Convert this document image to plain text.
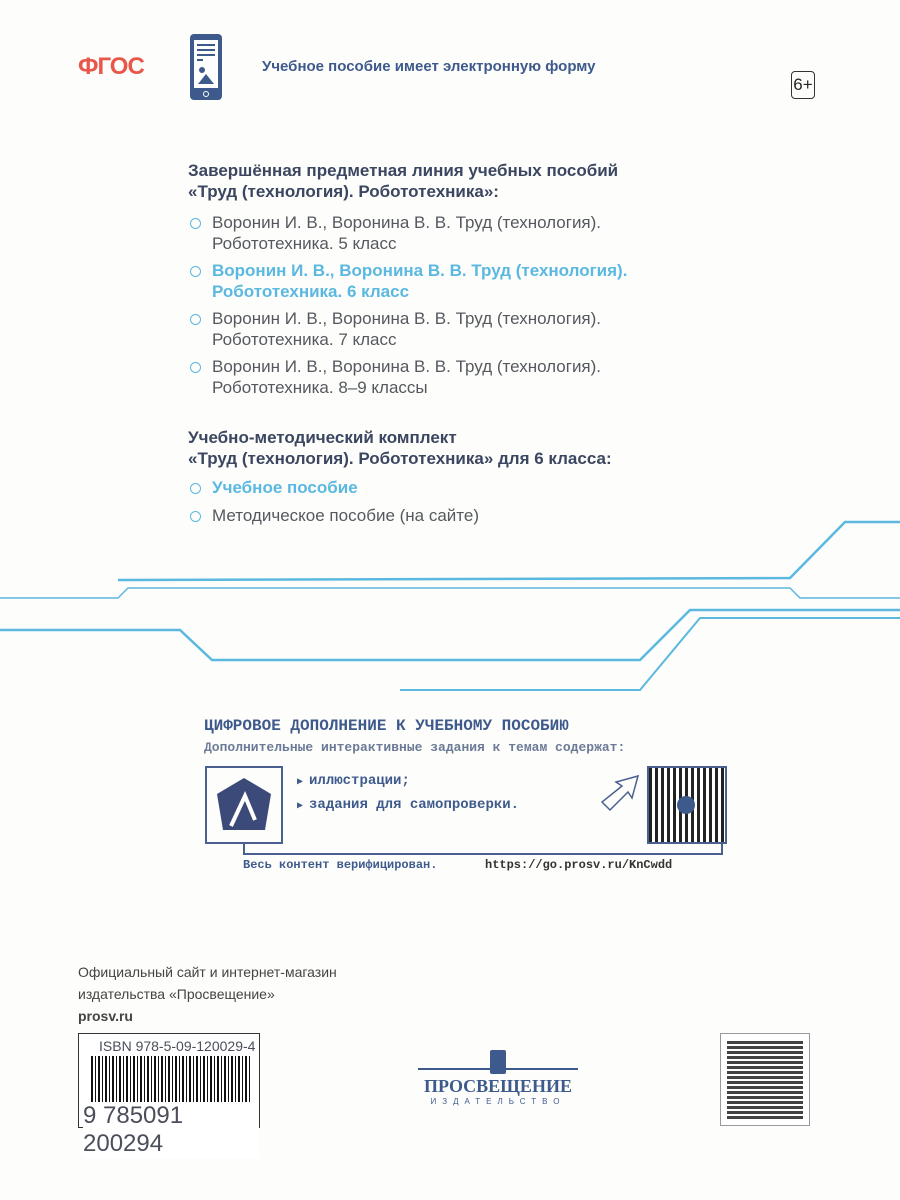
ФГОС	Учебное пособие имеет электронную форму
6+
Завершённая предметная линия учебных пособий
«Труд (технология). Робототехника»:
Воронин И. В., Воронина В. В. Труд (технология).
Робототехника. 5 класс
Воронин И. В., Воронина В. В. Труд (технология).
Робототехника. 6 класс
Воронин И. В., Воронина В. В. Труд (технология).
Робототехника. 7 класс
Воронин И. В., Воронина В. В. Труд (технология).
Робототехника. 8–9 классы
Учебно-методический комплект
«Труд (технология). Робототехника» для 6 класса:
Учебное пособие
Методическое пособие (на сайте)
ЦИФРОВОЕ ДОПОЛНЕНИЕ К УЧЕБНОМУ ПОСОБИЮ
Дополнительные интерактивные задания к темам содержат:
▶ иллюстрации;
▶ задания для самопроверки.
Весь контент верифицирован.	https://go.prosv.ru/KnCwdd
Официальный сайт и интернет-магазин
издательства «Просвещение»
prosv.ru
ISBN 978-5-09-120029-4
9 785091 200294
ПРОСВЕЩЕНИЕ
ИЗДАТЕЛЬСТВО
